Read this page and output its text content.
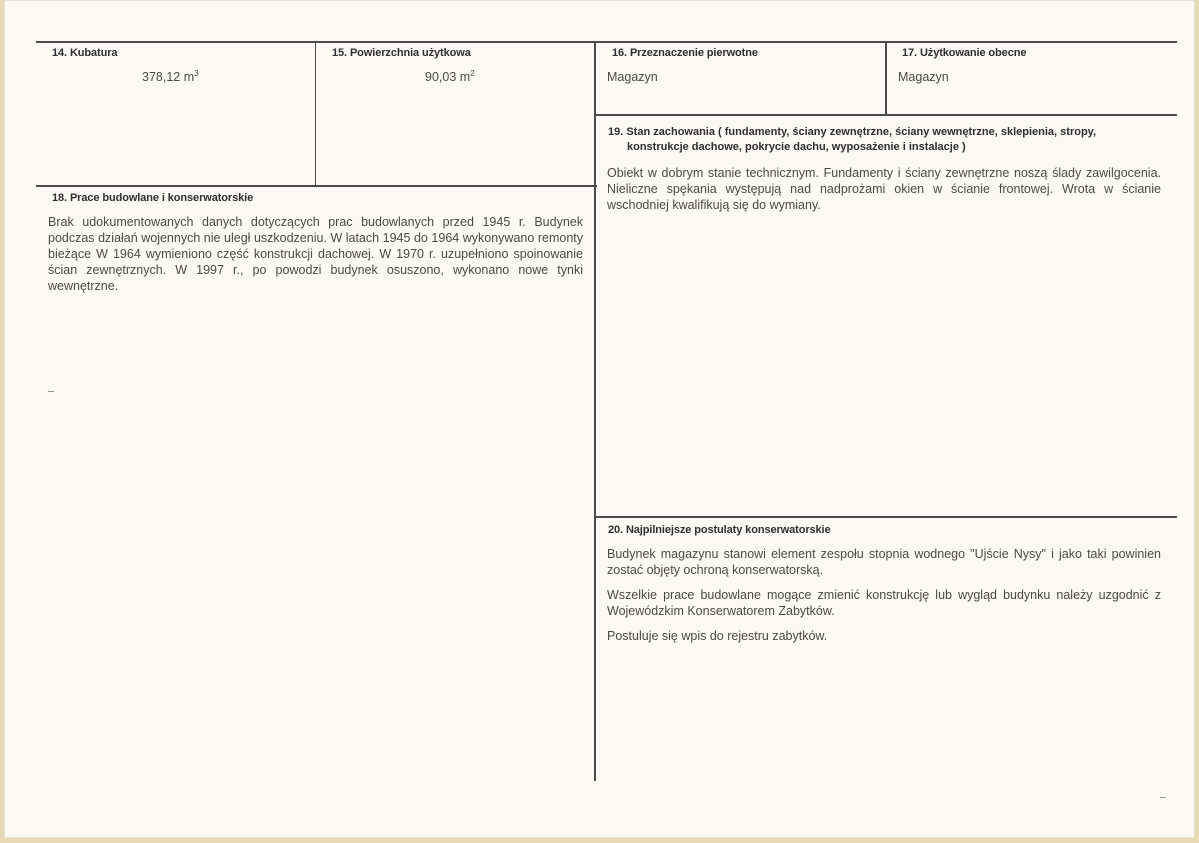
14. Kubatura
378,12 $m^3$
15. Powierzchnia użytkowa
90,03 $m^2$
16. Przeznaczenie pierwotne
Magazyn
17. Użytkowanie obecne
Magazyn
18. Prace budowlane i konserwatorskie

Brak udokumentowanych danych dotyczących prac budowlanych przed 1945 r. Budynek podczas działań wojennych nie uległ uszkodzeniu. W latach 1945 do 1964 wykonywano remonty bieżące W 1964 wymieniono część konstrukcji dachowej. W 1970 r. uzupełniono spoinowanie ścian zewnętrznych. W 1997 r., po powodzi budynek osuszono, wykonano nowe tynki wewnętrzne.

19. Stan zachowania ( fundamenty, ściany zewnętrzne, ściany wewnętrzne, sklepienia, stropy,
konstrukcje dachowe, pokrycie dachu, wyposażenie i instalacje )

Obiekt w dobrym stanie technicznym. Fundamenty i ściany zewnętrzne noszą ślady zawilgocenia. Nieliczne spękania występują nad nadprożami okien w ścianie frontowej. Wrota w ścianie wschodniej kwalifikują się do wymiany.

20. Najpilniejsze postulaty konserwatorskie

Budynek magazynu stanowi element zespołu stopnia wodnego "Ujście Nysy" i jako taki powinien zostać objęty ochroną konserwatorską.

Wszelkie prace budowlane mogące zmienić konstrukcję lub wygląd budynku należy uzgodnić z Wojewódzkim Konserwatorem Zabytków.

Postuluje się wpis do rejestru zabytków.
